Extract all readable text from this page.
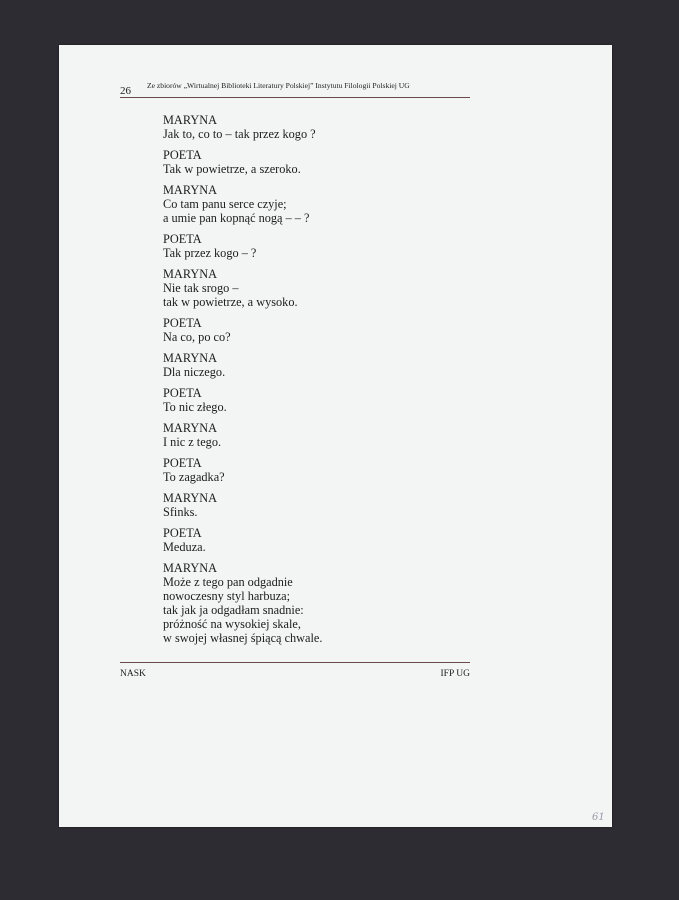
26 Ze zbiorów „Wirtualnej Biblioteki Literatury Polskiej” Instytutu Filologii Polskiej UG
MARYNA
Jak to, co to – tak przez kogo ?
POETA
Tak w powietrze, a szeroko.
MARYNA
Co tam panu serce czyje;
a umie pan kopnąć nogą – – ?
POETA
Tak przez kogo – ?
MARYNA
Nie tak srogo –
tak w powietrze, a wysoko.
POETA
Na co, po co?
MARYNA
Dla niczego.
POETA
To nic złego.
MARYNA
I nic z tego.
POETA
To zagadka?
MARYNA
Sfinks.
POETA
Meduza.
MARYNA
Może z tego pan odgadnie
nowoczesny styl harbuza;
tak jak ja odgadłam snadnie:
próżność na wysokiej skale,
w swojej własnej śpiącą chwale.
NASK	IFP UG
61
